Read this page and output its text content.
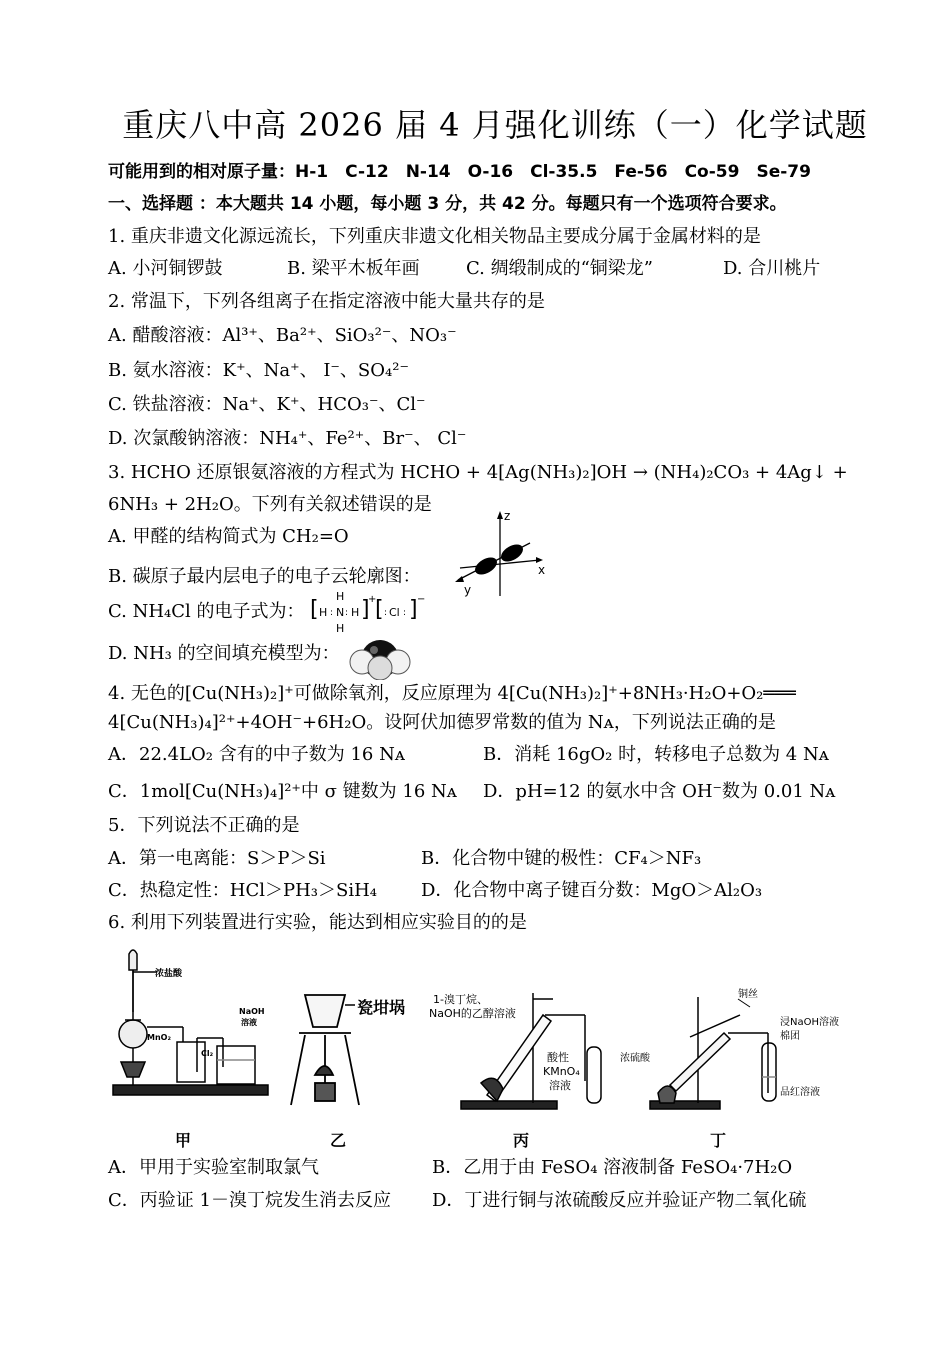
重庆八中高 2026 届 4 月强化训练（一）化学试题
可能用到的相对原子量：H-1　C-12　N-14　O-16　Cl-35.5　Fe-56　Co-59　Se-79
一、选择题 ：本大题共 14 小题，每小题 3 分，共 42 分。每题只有一个选项符合要求。
1. 重庆非遗文化源远流长，下列重庆非遗文化相关物品主要成分属于金属材料的是
A. 小河铜锣鼓	B. 梁平木板年画	C. 绸缎制成的“铜梁龙”	D. 合川桃片
2. 常温下，下列各组离子在指定溶液中能大量共存的是
A. 醋酸溶液：Al³⁺、Ba²⁺、SiO₃²⁻、NO₃⁻
B. 氨水溶液：K⁺、Na⁺、 I⁻、SO₄²⁻
C. 铁盐溶液：Na⁺、K⁺、HCO₃⁻、Cl⁻
D. 次氯酸钠溶液：NH₄⁺、Fe²⁺、Br⁻、 Cl⁻
3. HCHO 还原银氨溶液的方程式为 HCHO + 4[Ag(NH₃)₂]OH → (NH₄)₂CO₃ + 4Ag↓ +
6NH₃ + 2H₂O。下列有关叙述错误的是
A. 甲醛的结构简式为 CH₂=O
B. 碳原子最内层电子的电子云轮廓图：
z
x
y
C. NH₄Cl 的电子式为： [ H : N
H
H
: H ]
+
[ : Cl : ] −
D. NH₃ 的空间填充模型为：
4. 无色的[Cu(NH₃)₂]⁺可做除氧剂，反应原理为 4[Cu(NH₃)₂]⁺+8NH₃·H₂O+O₂═══
4[Cu(NH₃)₄]²⁺+4OH⁻+6H₂O。设阿伏加德罗常数的值为 Nᴀ，下列说法正确的是
A．22.4LO₂ 含有的中子数为 16 Nᴀ	B．消耗 16gO₂ 时，转移电子总数为 4 Nᴀ
C．1mol[Cu(NH₃)₄]²⁺中 σ 键数为 16 Nᴀ D．pH=12 的氨水中含 OH⁻数为 0.01 Nᴀ
5．下列说法不正确的是
A．第一电离能：S＞P＞Si	B．化合物中键的极性：CF₄＞NF₃
C．热稳定性：HCl＞PH₃＞SiH₄ D．化合物中离子键百分数：MgO＞Al₂O₃
6. 利用下列装置进行实验，能达到相应实验目的的是
浓盐酸
MnO₂
Cl₂
NaOH
溶液
瓷坩埚	1-溴丁烷、
NaOH的乙醇溶液
酸性
KMnO₄
溶液
铜丝
浸NaOH溶液
棉团
浓硫酸
品红溶液
甲	乙	丙	丁
A．甲用于实验室制取氯气	B．乙用于由 FeSO₄ 溶液制备 FeSO₄·7H₂O
C．丙验证 1－溴丁烷发生消去反应 D．丁进行铜与浓硫酸反应并验证产物二氧化硫
